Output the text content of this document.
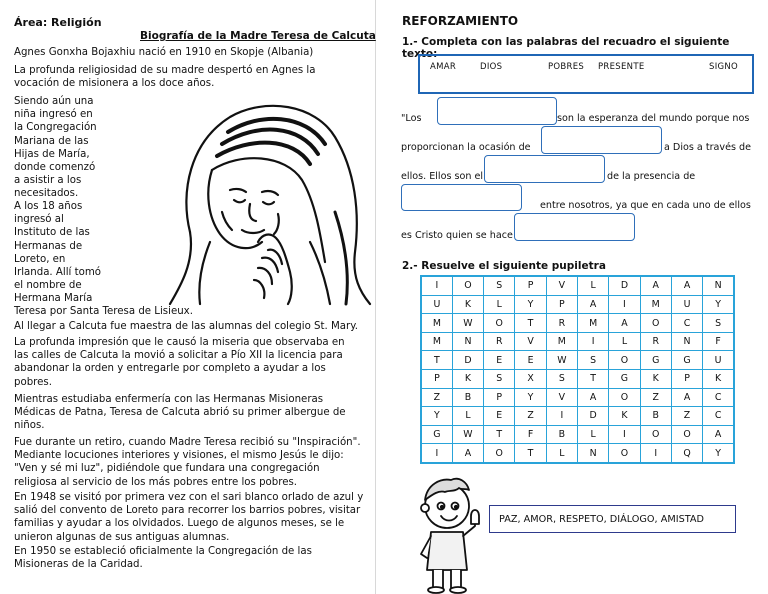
Área: Religión
Biografía de la Madre Teresa de Calcuta
Agnes Gonxha Bojaxhiu nació en 1910 en Skopje (Albania)
La profunda religiosidad de su madre despertó en Agnes la
vocación de misionera a los doce años.
Siendo aún una
niña ingresó en
la Congregación
Mariana de las
Hijas de María,
donde comenzó
a asistir a los
necesitados.
A los 18 años
ingresó al
Instituto de las
Hermanas de
Loreto, en
Irlanda. Allí tomó
el nombre de
Hermana María
Teresa por Santa Teresa de Lisieux.
Al llegar a Calcuta fue maestra de las alumnas del colegio St. Mary.
La profunda impresión que le causó la miseria que observaba en
las calles de Calcuta la movió a solicitar a Pío XII la licencia para
abandonar la orden y entregarle por completo a ayudar a los
pobres.
Mientras estudiaba enfermería con las Hermanas Misioneras
Médicas de Patna, Teresa de Calcuta abrió su primer albergue de
niños.
Fue durante un retiro, cuando Madre Teresa recibió su "Inspiración".
Mediante locuciones interiores y visiones, el mismo Jesús le dijo:
"Ven y sé mi luz", pidiéndole que fundara una congregación
religiosa al servicio de los más pobres entre los pobres.
En 1948 se visitó por primera vez con el sari blanco orlado de azul y
salió del convento de Loreto para recorrer los barrios pobres, visitar
familias y ayudar a los olvidados. Luego de algunos meses, se le
unieron algunas de sus antiguas alumnas.
En 1950 se estableció oficialmente la Congregación de las
Misioneras de la Caridad.
REFORZAMIENTO
1.- Completa con las palabras del recuadro el siguiente texto:
AMAR	DIOS	POBRES PRESENTE	SIGNO
"Los	son la esperanza del mundo porque nos
proporcionan la ocasión de	a Dios a través de
ellos. Ellos son el	de la presencia de
entre nosotros, ya que en cada uno de ellos
es Cristo quien se hace
2.- Resuelve el siguiente pupiletra
I	O	S	P	V	L	D	A	A	N
U	K	L	Y	P	A	I	M	U	Y
M	W	O	T	R	M	A	O	C	S
M	N	R	V	M	I	L	R	N	F
T	D	E	E	W	S	O	G	G	U
P	K	S	X	S	T	G	K	P	K
Z	B	P	Y	V	A	O	Z	A	C
Y	L	E	Z	I	D	K	B	Z	C
G	W	T	F	B	L	I	O	O	A
I	A	O	T	L	N	O	I	Q	Y
PAZ, AMOR, RESPETO, DIÁLOGO, AMISTAD
